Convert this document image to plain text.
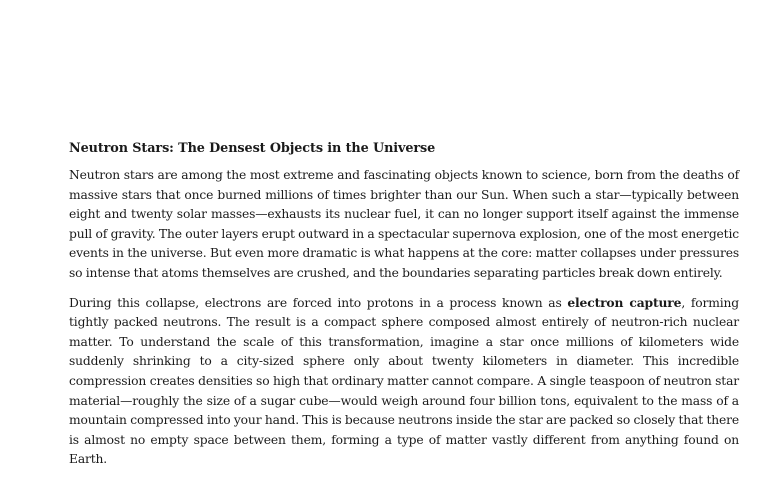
Neutron Stars: The Densest Objects in the Universe

Neutron stars are among the most extreme and fascinating objects known to science, born from the deaths of massive stars that once burned millions of times brighter than our Sun. When such a star—typically between eight and twenty solar masses—exhausts its nuclear fuel, it can no longer support itself against the immense pull of gravity. The outer layers erupt outward in a spectacular supernova explosion, one of the most energetic events in the universe. But even more dramatic is what happens at the core: matter collapses under pressures so intense that atoms themselves are crushed, and the boundaries separating particles break down entirely.

During this collapse, electrons are forced into protons in a process known as electron capture, forming tightly packed neutrons. The result is a compact sphere composed almost entirely of neutron-rich nuclear matter. To understand the scale of this transformation, imagine a star once millions of kilometers wide suddenly shrinking to a city-sized sphere only about twenty kilometers in diameter. This incredible compression creates densities so high that ordinary matter cannot compare. A single teaspoon of neutron star material—roughly the size of a sugar cube—would weigh around four billion tons, equivalent to the mass of a mountain compressed into your hand. This is because neutrons inside the star are packed so closely that there is almost no empty space between them, forming a type of matter vastly different from anything found on Earth.
